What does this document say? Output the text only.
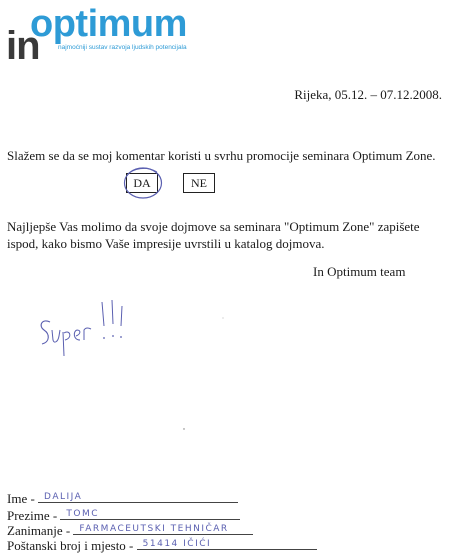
in
optimum
najmoćniji sustav razvoja ljudskih potencijala
Rijeka, 05.12. – 07.12.2008.
Slažem se da se moj komentar koristi u svrhu promocije seminara Optimum Zone.
DA	NE
Najljepše Vas molimo da svoje dojmove sa seminara "Optimum Zone" zapišete ispod, kako bismo Vaše impresije uvrstili u katalog dojmova.
In Optimum team
Ime - DALIJA
Prezime - TOMC
Zanimanje - FARMACEUTSKI TEHNIČAR
Poštanski broj i mjesto - 51414 IČIĆI
